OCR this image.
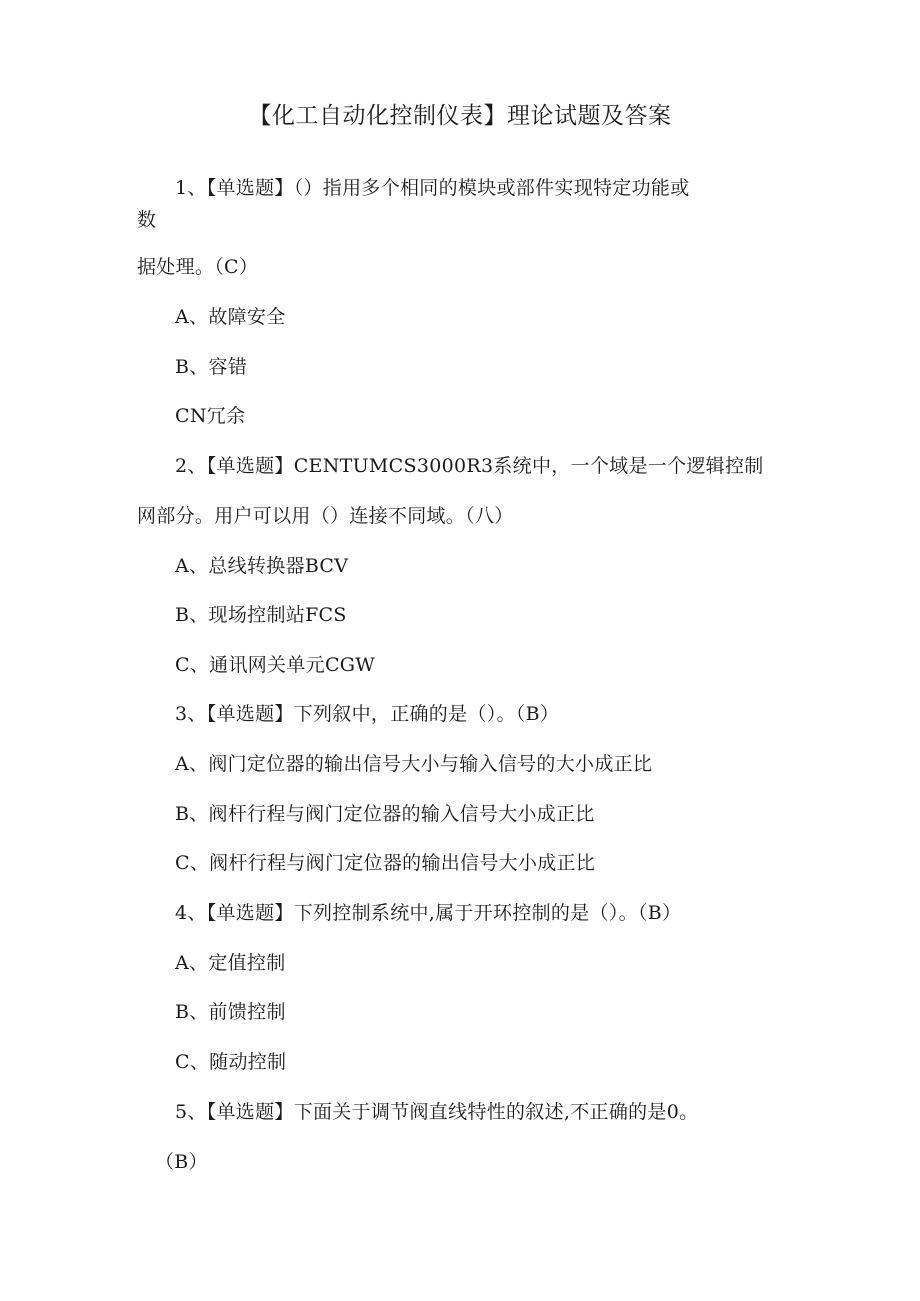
【化工自动化控制仪表】理论试题及答案
1、【单选题】（）指用多个相同的模块或部件实现特定功能或
数
据处理。（C）
A、故障安全
B、容错
CΝ冗余
2、【单选题】CENTUMCS3000R3系统中，一个域是一个逻辑控制
网部分。用户可以用（）连接不同域。（八）
A、总线转换器BCV
B、现场控制站FCS
C、通讯网关单元CGW
3、【单选题】下列叙中，正确的是（）。（B）
A、阀门定位器的输出信号大小与输入信号的大小成正比
B、阀杆行程与阀门定位器的输入信号大小成正比
C、阀杆行程与阀门定位器的输出信号大小成正比
4、【单选题】下列控制系统中,属于开环控制的是（）。（B）
A、定值控制
B、前馈控制
C、随动控制
5、【单选题】下面关于调节阀直线特性的叙述,不正确的是0。
（B）
